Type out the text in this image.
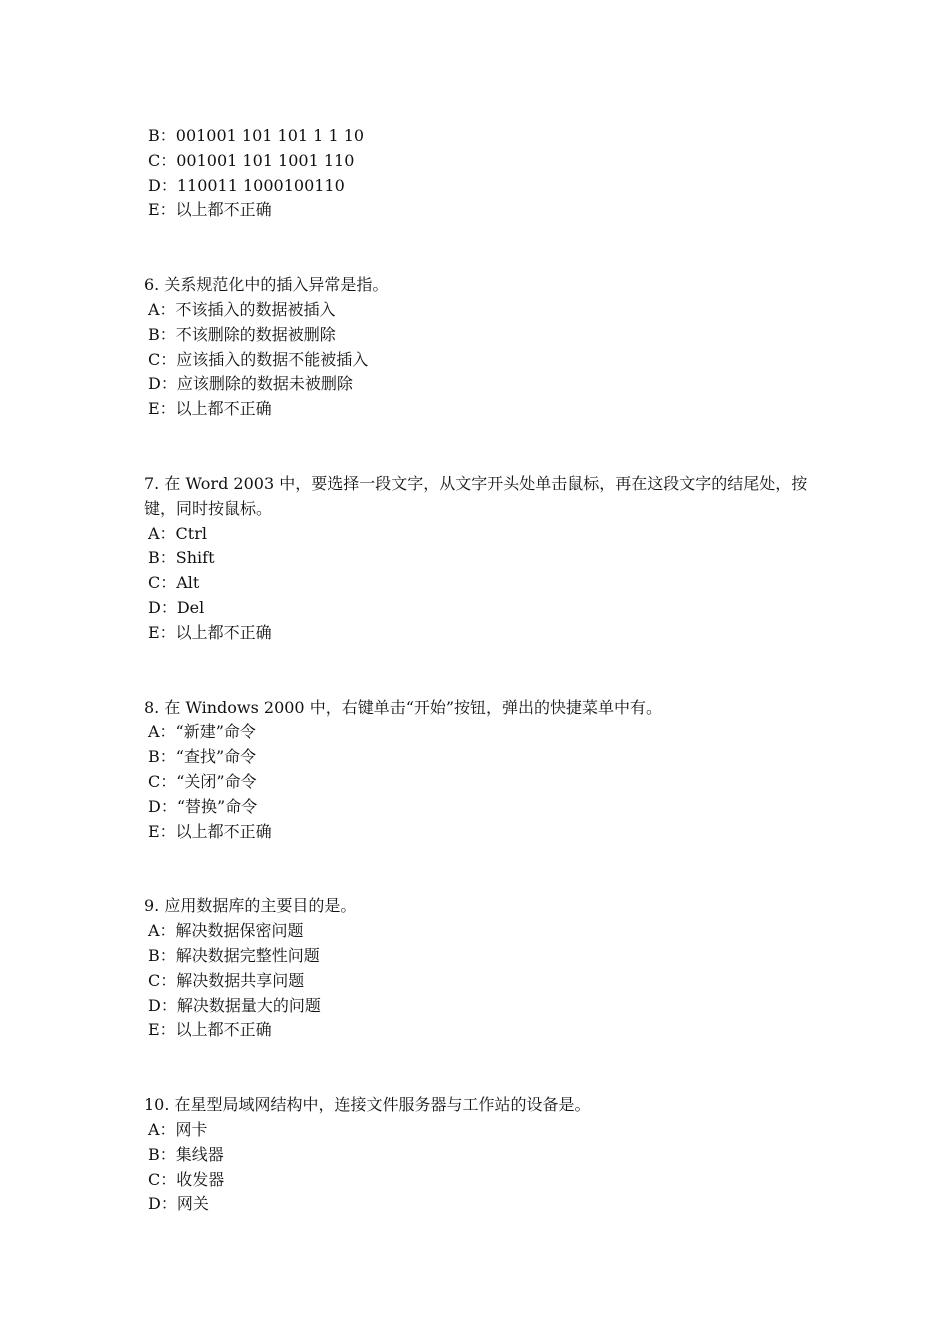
B：001001 101 101 1 1 10
C：001001 101 1001 110
D：110011 1000100110
E：以上都不正确
6. 关系规范化中的插入异常是指。
A：不该插入的数据被插入
B：不该删除的数据被删除
C：应该插入的数据不能被插入
D：应该删除的数据未被删除
E：以上都不正确
7. 在 Word 2003 中，要选择一段文字，从文字开头处单击鼠标，再在这段文字的结尾处，按键，同时按鼠标。
A：Ctrl
B：Shift
C：Alt
D：Del
E：以上都不正确
8. 在 Windows 2000 中，右键单击“开始”按钮，弹出的快捷菜单中有。
A：“新建”命令
B：“查找”命令
C：“关闭”命令
D：“替换”命令
E：以上都不正确
9. 应用数据库的主要目的是。
A：解决数据保密问题
B：解决数据完整性问题
C：解决数据共享问题
D：解决数据量大的问题
E：以上都不正确
10. 在星型局域网结构中，连接文件服务器与工作站的设备是。
A：网卡
B：集线器
C：收发器
D：网关
